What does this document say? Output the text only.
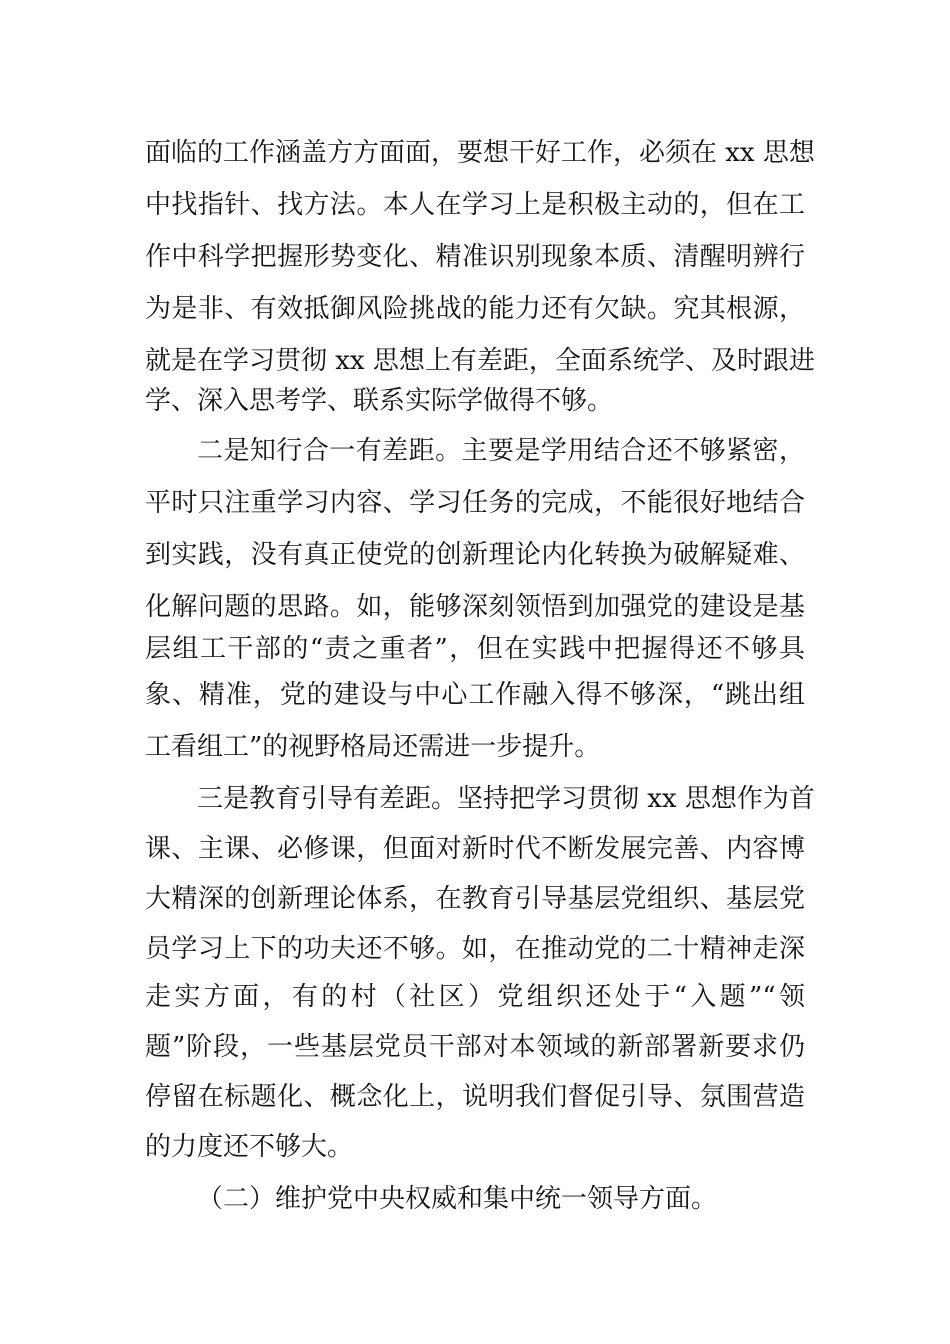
面临的工作涵盖方方面面，要想干好工作，必须在 xx 思想
中找指针、找方法。本人在学习上是积极主动的，但在工
作中科学把握形势变化、精准识别现象本质、清醒明辨行
为是非、有效抵御风险挑战的能力还有欠缺。究其根源，
就是在学习贯彻 xx 思想上有差距，全面系统学、及时跟进
学、深入思考学、联系实际学做得不够。
二是知行合一有差距。主要是学用结合还不够紧密，
平时只注重学习内容、学习任务的完成，不能很好地结合
到实践，没有真正使党的创新理论内化转换为破解疑难、
化解问题的思路。如，能够深刻领悟到加强党的建设是基
层组工干部的“责之重者”，但在实践中把握得还不够具
象、精准，党的建设与中心工作融入得不够深，“跳出组
工看组工”的视野格局还需进一步提升。
三是教育引导有差距。坚持把学习贯彻 xx 思想作为首
课、主课、必修课，但面对新时代不断发展完善、内容博
大精深的创新理论体系，在教育引导基层党组织、基层党
员学习上下的功夫还不够。如，在推动党的二十精神走深
走实方面，有的村（社区）党组织还处于“入题”“领
题”阶段，一些基层党员干部对本领域的新部署新要求仍
停留在标题化、概念化上，说明我们督促引导、氛围营造
的力度还不够大。
（二）维护党中央权威和集中统一领导方面。
